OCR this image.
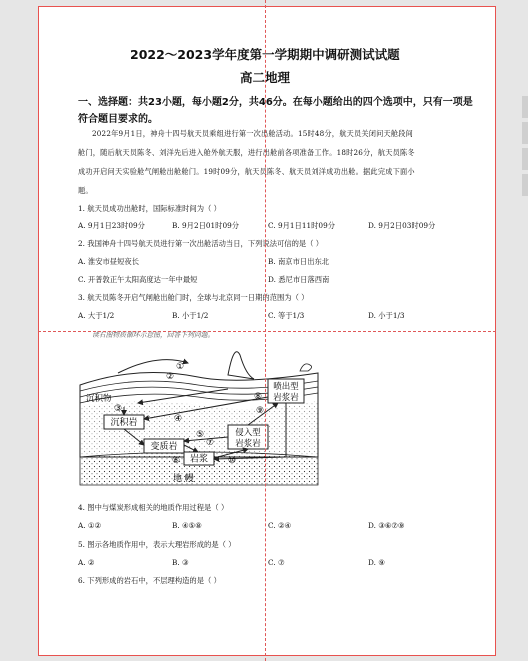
2022～2023学年度第一学期期中调研测试试题
高二地理
一、选择题：共23小题，每小题2分，共46分。在每小题给出的四个选项中，只有一项是
符合题目要求的。
2022年9月1日，神舟十四号航天员乘组进行第一次出舱活动。15时48分，航天员关闭问天舱段间
舱门，随后航天员陈冬、刘洋先后进入舱外航天服，进行出舱前各项准备工作。18时26分，航天员陈冬
成功开启问天实验舱气闸舱出舱舱门。19时09分，航天员陈冬、航天员刘洋成功出舱。据此完成下面小
题。
1. 航天员成功出舱时，国际标准时间为（ ）
A. 9月1日23时09分	B. 9月2日01时09分	C. 9月1日11时09分	D. 9月2日03时09分
2. 我国神舟十四号航天员进行第一次出舱活动当日，下列说法可信的是（ ）
A. 淮安市昼短夜长	B. 南京市日出东北
C. 开普敦正午太阳高度达一年中最短	D. 悉尼市日落西南
3. 航天员陈冬开启气闸舱出舱门时，全球与北京同一日期的范围为（ ）
A. 大于1/2	B. 小于1/2	C. 等于1/3	D. 小于1/3
读右图物质循环示意图，回答下列问题。
沉积岩
变质岩
岩浆
侵入型
岩浆岩
喷出型
岩浆岩
沉积物
地 幔
①
②
③
④
⑤
⑥
⑦
⑧
⑨
⑩
4. 图中与煤炭形成相关的地质作用过程是（ ）
A. ①②	B. ④⑤⑧	C. ②④	D. ③⑥⑦⑨
5. 图示各地质作用中，表示大理岩形成的是（ ）
A. ②	B. ③	C. ⑦	D. ⑨
6. 下列形成的岩石中，不层理构造的是（ ）
